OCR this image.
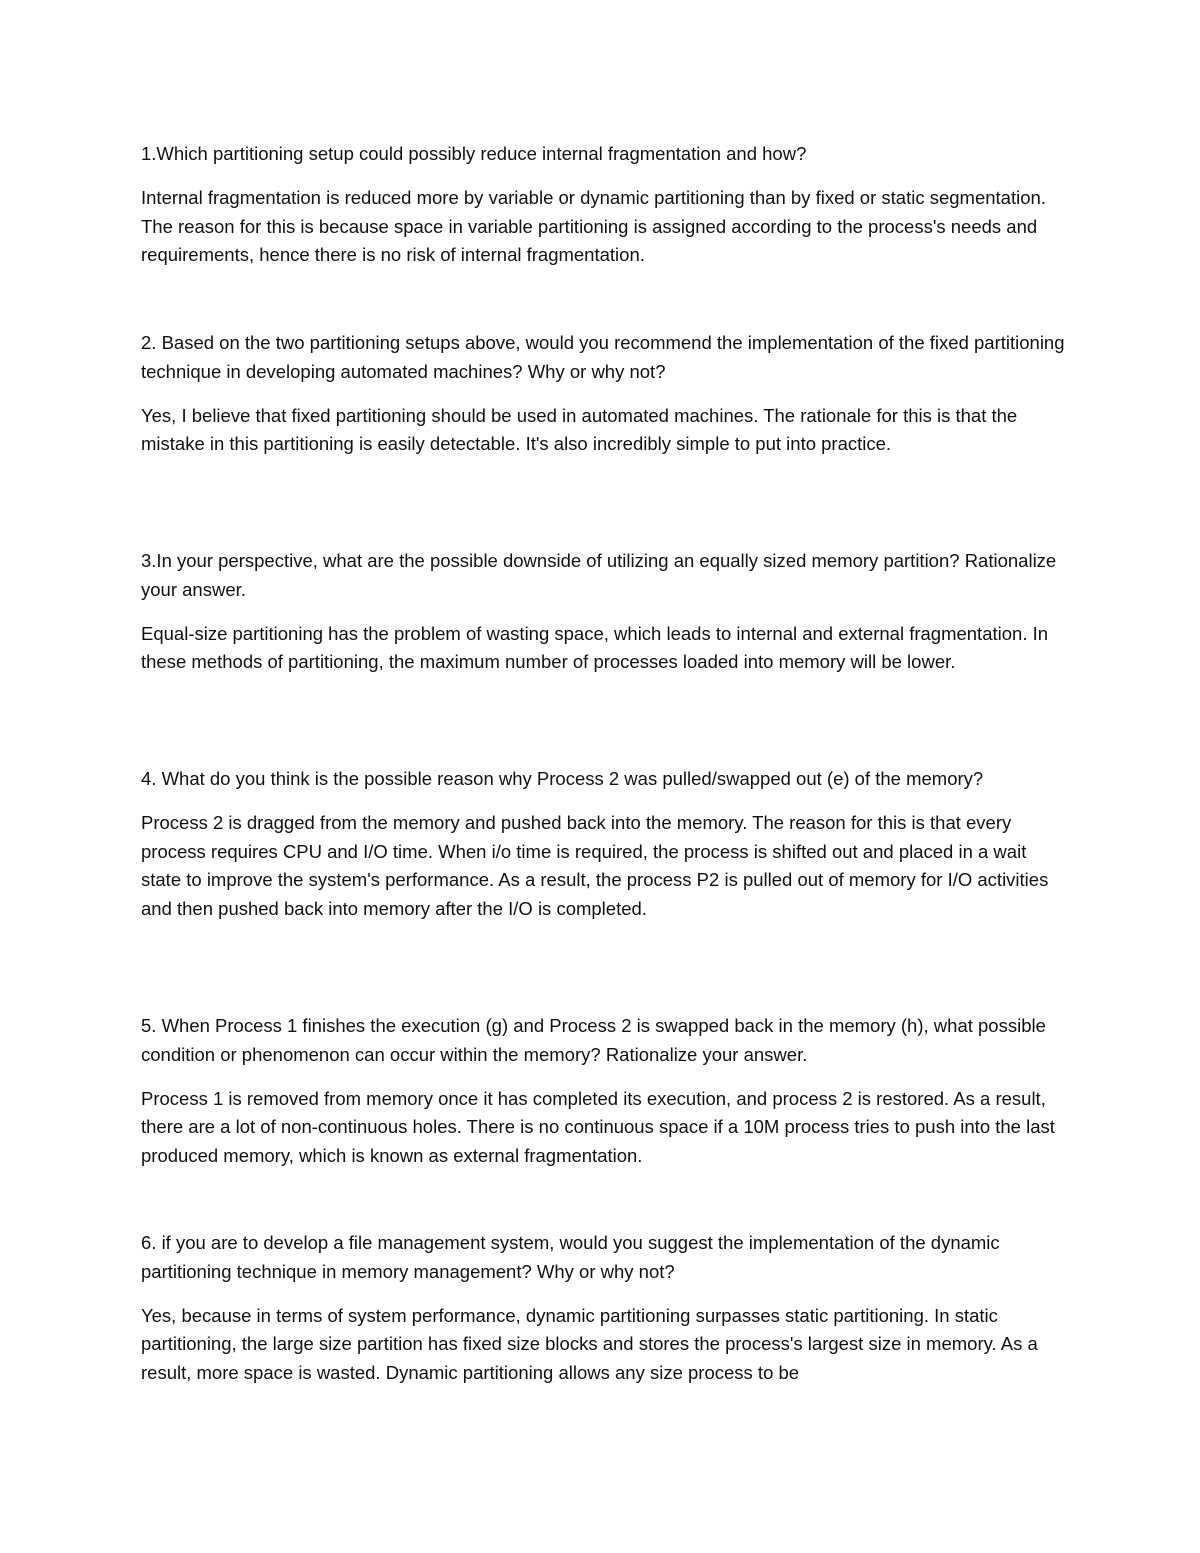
1.Which partitioning setup could possibly reduce internal fragmentation and how?

Internal fragmentation is reduced more by variable or dynamic partitioning than by fixed or static segmentation. The reason for this is because space in variable partitioning is assigned according to the process's needs and requirements, hence there is no risk of internal fragmentation.

2. Based on the two partitioning setups above, would you recommend the implementation of the fixed partitioning technique in developing automated machines? Why or why not?

Yes, I believe that fixed partitioning should be used in automated machines. The rationale for this is that the mistake in this partitioning is easily detectable. It's also incredibly simple to put into practice.

3.In your perspective, what are the possible downside of utilizing an equally sized memory partition? Rationalize your answer.

Equal-size partitioning has the problem of wasting space, which leads to internal and external fragmentation. In these methods of partitioning, the maximum number of processes loaded into memory will be lower.

4. What do you think is the possible reason why Process 2 was pulled/swapped out (e) of the memory?

Process 2 is dragged from the memory and pushed back into the memory. The reason for this is that every process requires CPU and I/O time. When i/o time is required, the process is shifted out and placed in a wait state to improve the system's performance. As a result, the process P2 is pulled out of memory for I/O activities and then pushed back into memory after the I/O is completed.

5. When Process 1 finishes the execution (g) and Process 2 is swapped back in the memory (h), what possible condition or phenomenon can occur within the memory? Rationalize your answer.

Process 1 is removed from memory once it has completed its execution, and process 2 is restored. As a result, there are a lot of non-continuous holes. There is no continuous space if a 10M process tries to push into the last produced memory, which is known as external fragmentation.

6. if you are to develop a file management system, would you suggest the implementation of the dynamic partitioning technique in memory management? Why or why not?

Yes, because in terms of system performance, dynamic partitioning surpasses static partitioning. In static partitioning, the large size partition has fixed size blocks and stores the process's largest size in memory. As a result, more space is wasted. Dynamic partitioning allows any size process to be
